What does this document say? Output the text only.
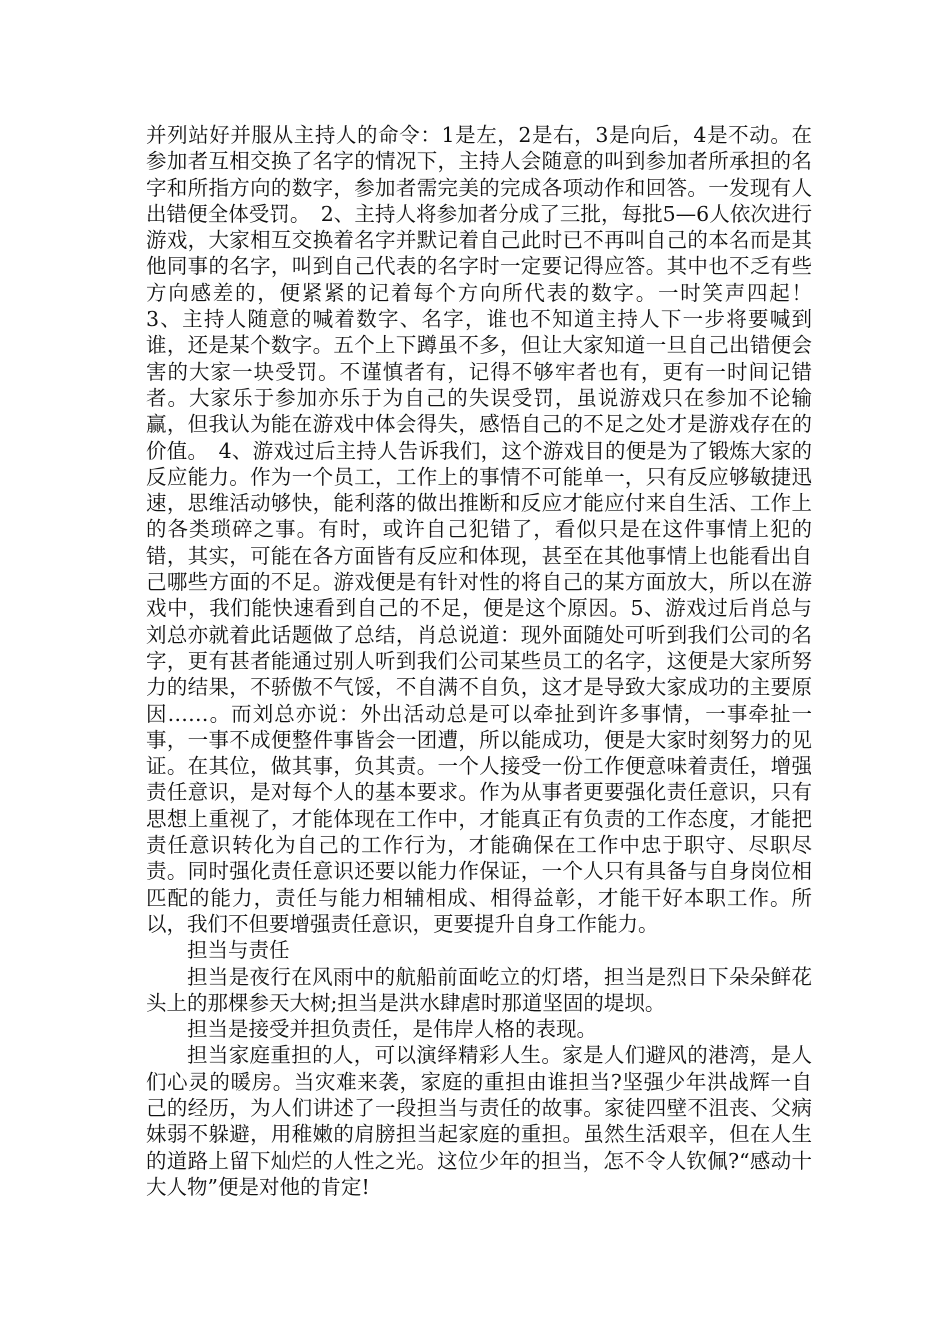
并列站好并服从主持人的命令：1是左，2是右，3是向后，4是不动。在参加者互相交换了名字的情况下，主持人会随意的叫到参加者所承担的名字和所指方向的数字，参加者需完美的完成各项动作和回答。一发现有人出错便全体受罚。　2、主持人将参加者分成了三批，每批5—6人依次进行游戏，大家相互交换着名字并默记着自己此时已不再叫自己的本名而是其他同事的名字，叫到自己代表的名字时一定要记得应答。其中也不乏有些方向感差的，便紧紧的记着每个方向所代表的数字。一时笑声四起！　3、主持人随意的喊着数字、名字，谁也不知道主持人下一步将要喊到谁，还是某个数字。五个上下蹲虽不多，但让大家知道一旦自己出错便会害的大家一块受罚。不谨慎者有，记得不够牢者也有，更有一时间记错者。大家乐于参加亦乐于为自己的失误受罚，虽说游戏只在参加不论输赢，但我认为能在游戏中体会得失，感悟自己的不足之处才是游戏存在的价值。　4、游戏过后主持人告诉我们，这个游戏目的便是为了锻炼大家的反应能力。作为一个员工，工作上的事情不可能单一，只有反应够敏捷迅速，思维活动够快，能利落的做出推断和反应才能应付来自生活、工作上的各类琐碎之事。有时，或许自己犯错了，看似只是在这件事情上犯的错，其实，可能在各方面皆有反应和体现，甚至在其他事情上也能看出自己哪些方面的不足。游戏便是有针对性的将自己的某方面放大，所以在游戏中，我们能快速看到自己的不足，便是这个原因。5、游戏过后肖总与刘总亦就着此话题做了总结，肖总说道：现外面随处可听到我们公司的名字，更有甚者能通过别人听到我们公司某些员工的名字，这便是大家所努力的结果，不骄傲不气馁，不自满不自负，这才是导致大家成功的主要原因……。而刘总亦说：外出活动总是可以牵扯到许多事情，一事牵扯一事，一事不成便整件事皆会一团遭，所以能成功，便是大家时刻努力的见证。在其位，做其事，负其责。一个人接受一份工作便意味着责任，增强责任意识，是对每个人的基本要求。作为从事者更要强化责任意识，只有思想上重视了，才能体现在工作中，才能真正有负责的工作态度，才能把责任意识转化为自己的工作行为，才能确保在工作中忠于职守、尽职尽责。同时强化责任意识还要以能力作保证，一个人只有具备与自身岗位相匹配的能力，责任与能力相辅相成、相得益彰，才能干好本职工作。所以，我们不但要增强责任意识，更要提升自身工作能力。

担当与责任

担当是夜行在风雨中的航船前面屹立的灯塔，担当是烈日下朵朵鲜花头上的那棵参天大树;担当是洪水肆虐时那道坚固的堤坝。

担当是接受并担负责任，是伟岸人格的表现。

担当家庭重担的人，可以演绎精彩人生。家是人们避风的港湾，是人们心灵的暖房。当灾难来袭，家庭的重担由谁担当?坚强少年洪战辉一自己的经历，为人们讲述了一段担当与责任的故事。家徒四壁不沮丧、父病妹弱不躲避，用稚嫩的肩膀担当起家庭的重担。虽然生活艰辛，但在人生的道路上留下灿烂的人性之光。这位少年的担当，怎不令人钦佩?“感动十大人物”便是对他的肯定!
